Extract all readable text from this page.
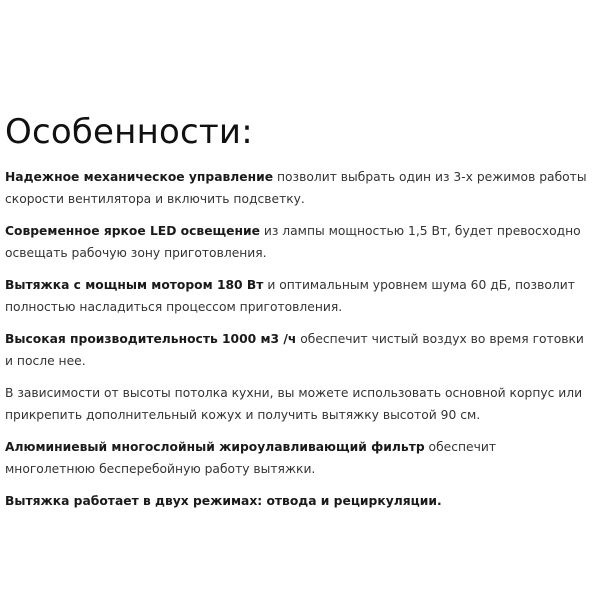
Особенности:

Надежное механическое управление позволит выбрать один из 3-х режимов работы скорости вентилятора и включить подсветку.

Современное яркое LED освещение из лампы мощностью 1,5 Вт, будет превосходно освещать рабочую зону приготовления.

Вытяжка с мощным мотором 180 Вт и оптимальным уровнем шума 60 дБ, позволит полностью насладиться процессом приготовления.

Высокая производительность 1000 м3 /ч обеспечит чистый воздух во время готовки и после нее.

В зависимости от высоты потолка кухни, вы можете использовать основной корпус или прикрепить дополнительный кожух и получить вытяжку высотой 90 см.

Алюминиевый многослойный жироулавливающий фильтр обеспечит многолетнюю бесперебойную работу вытяжки.

Вытяжка работает в двух режимах: отвода и рециркуляции.
